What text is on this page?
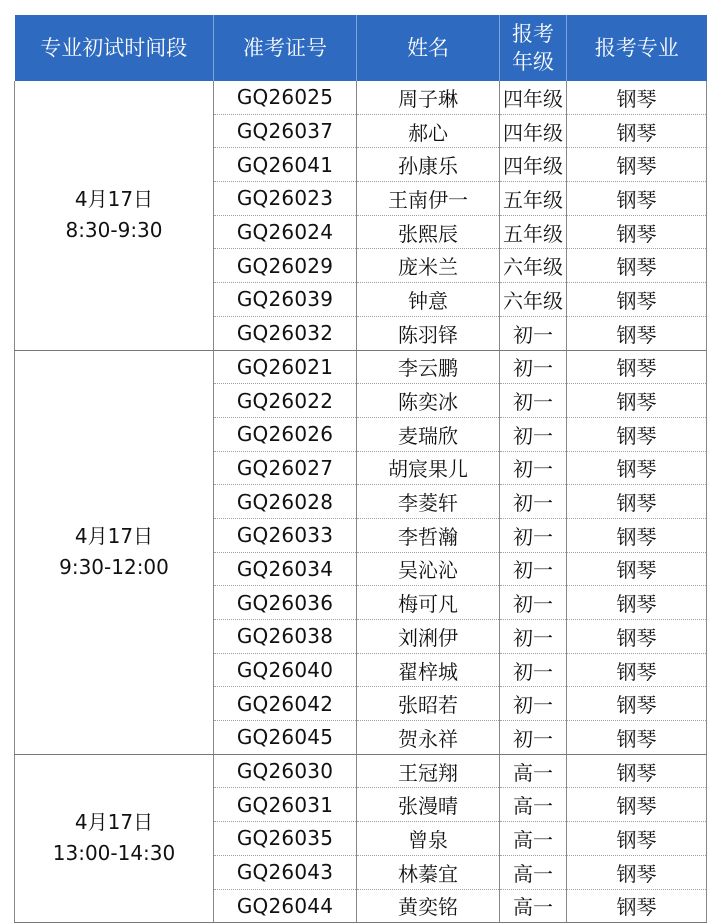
专业初试时间段	准考证号	姓名	报考
年级	报考专业

4月17日
8:30-9:30	GQ26025	周子琳	四年级	钢琴
	GQ26037	郝心	四年级	钢琴
	GQ26041	孙康乐	四年级	钢琴
	GQ26023	王南伊一	五年级	钢琴
	GQ26024	张熙辰	五年级	钢琴
	GQ26029	庞米兰	六年级	钢琴
	GQ26039	钟意	六年级	钢琴
	GQ26032	陈羽铎	初一	钢琴

4月17日
9:30-12:00	GQ26021	李云鹏	初一	钢琴
	GQ26022	陈奕冰	初一	钢琴
	GQ26026	麦瑞欣	初一	钢琴
	GQ26027	胡宸果儿	初一	钢琴
	GQ26028	李菱轩	初一	钢琴
	GQ26033	李哲瀚	初一	钢琴
	GQ26034	吴沁沁	初一	钢琴
	GQ26036	梅可凡	初一	钢琴
	GQ26038	刘浰伊	初一	钢琴
	GQ26040	翟梓城	初一	钢琴
	GQ26042	张昭若	初一	钢琴
	GQ26045	贺永祥	初一	钢琴

4月17日
13:00-14:30	GQ26030	王冠翔	高一	钢琴
	GQ26031	张漫晴	高一	钢琴
	GQ26035	曾泉	高一	钢琴
	GQ26043	林蓁宜	高一	钢琴
	GQ26044	黄奕铭	高一	钢琴
